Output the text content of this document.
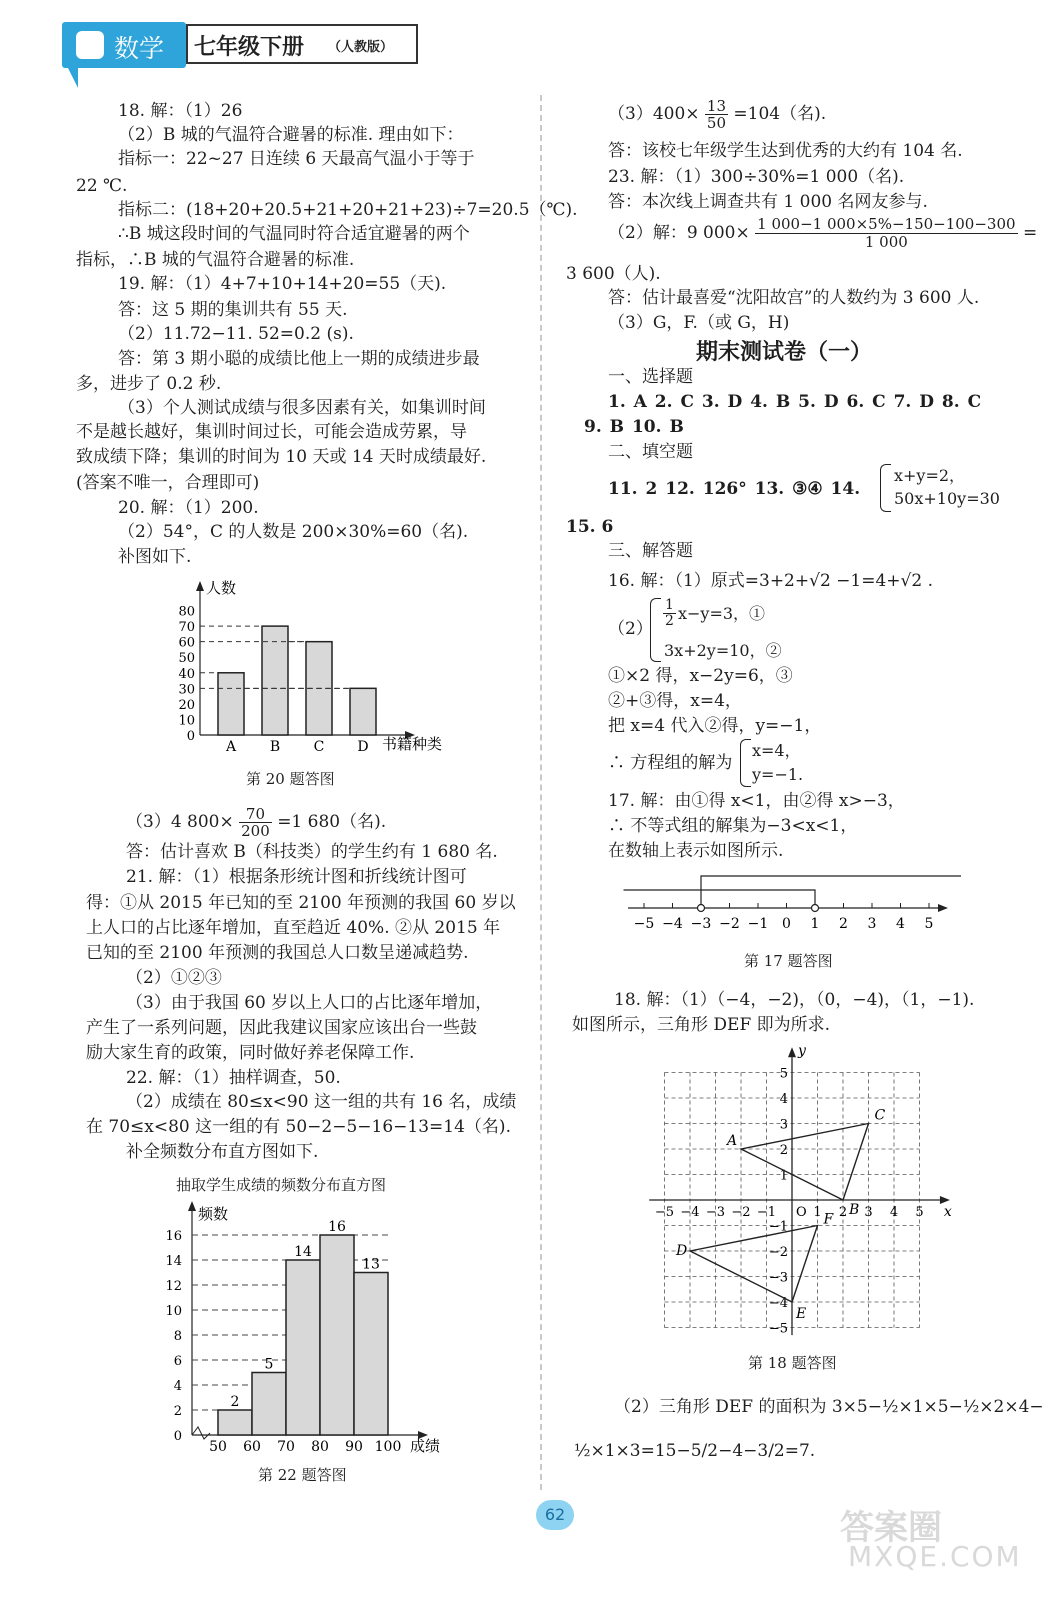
数学 七年级下册 （人教版）
18. 解：（1）26
（2）B 城的气温符合避暑的标准. 理由如下：
指标一：22~27 日连续 6 天最高气温小于等于
22 ℃.
指标二：(18+20+20.5+21+20+21+23)÷7=20.5（℃).
∴B 城这段时间的气温同时符合适宜避暑的两个
指标，∴B 城的气温符合避暑的标准.
19. 解：（1）4+7+10+14+20=55（天).
答：这 5 期的集训共有 55 天.
（2）11.72−11. 52=0.2 (s).
答：第 3 期小聪的成绩比他上一期的成绩进步最
多，进步了 0.2 秒.
（3）个人测试成绩与很多因素有关，如集训时间
不是越长越好，集训时间过长，可能会造成劳累，导
致成绩下降；集训的时间为 10 天或 14 天时成绩最好.
(答案不唯一，合理即可)
20. 解：（1）200.
（2）54°，C 的人数是 200×30%=60（名).
补图如下.
人数
书籍种类
0
10
20
30
40
50
60
70
80
A B C D
第 20 题答图
（3）4 $800\times \frac{70}{200} =1$ 680（名).
答：估计喜欢 B（科技类）的学生约有 1 680 名.
21. 解：（1）根据条形统计图和折线统计图可
得：①从 2015 年已知的至 2100 年预测的我国 60 岁以
上人口的占比逐年增加，直至趋近 40%. ②从 2015 年
已知的至 2100 年预测的我国总人口数呈递减趋势.
（2）①②③
（3）由于我国 60 岁以上人口的占比逐年增加，
产生了一系列问题，因此我建议国家应该出台一些鼓
励大家生育的政策，同时做好养老保障工作.
22. 解：（1）抽样调查，50.
（2）成绩在 80≤x<90 这一组的共有 16 名，成绩
在 70≤x<80 这一组的有 50−2−5−16−13=14（名).
补全频数分布直方图如下.
抽取学生成绩的频数分布直方图
频数
成绩
0
2
4
6
8
10
12
14
16
2
5
14
16
13
50 60 70 80 90 100
第 22 题答图
$(3)400\times \frac{13}{50} =104$（名).
答：该校七年级学生达到优秀的大约有 104 名.
23. 解：（1）300÷30%=1 000（名).
答：本次线上调查共有 1 000 名网友参与.
（2）解：9 $000\times \frac{1 000-1 000\times 5\%-150-100-300}{1 000}$ =
3 600（人).
答：估计最喜爱“沈阳故宫”的人数约为 3 600 人.
（3）G，F.（或 G，H)
期末测试卷（一）
一、选择题
1. A 2. C 3. D 4. B 5. D 6. C 7. D 8. C
9. B 10. B
二、填空题
11. 2 12. 126° 13. ③④ 14.
x+y=2，
50x+10y=30
15. 6
三、解答题
16. 解：（1）原式=3+2+√2 −1=4+√2 .
$(2) \frac{1}{2} x-y=3$，①
3x+2y=10，②
①×2 得，x−2y=6，③
②+③得，x=4，
把 x=4 代入②得，y=−1，
∴ 方程组的解为
x=4，
y=−1.
17. 解：由①得 x<1，由②得 x>−3，
∴ 不等式组的解集为−3<x<1，
在数轴上表示如图所示.
−5 −4 −3 −2 −1 0 1 2 3 4 5
第 17 题答图
18. 解：（1）（−4，−2)，（0，−4)，（1，−1).
如图所示，三角形 DEF 即为所求.
x
y
−5
−5
−4
−4
−3
−3
−2
−2
−1
−1
1
1
2
2
3
3
4
4
5
5
O
A
B
C
D
E
F
第 18 题答图
（2）三角形 DEF 的面积为 3×5−½×1×5−½×2×4−
½×1×3=15−5/2−4−3/2=7.
62	答案圈
MXQE.COM
